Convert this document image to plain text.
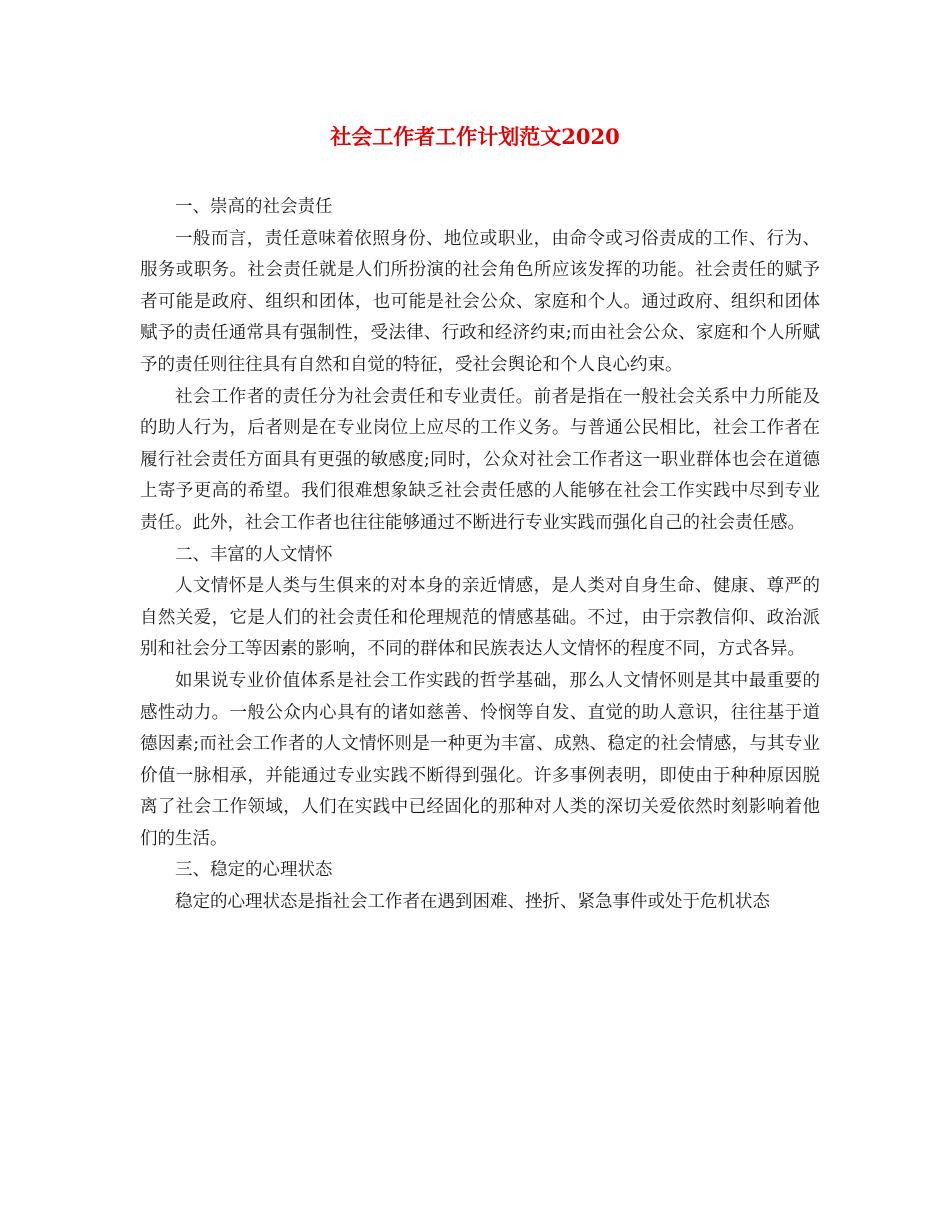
社会工作者工作计划范文2020

一、崇高的社会责任

一般而言，责任意味着依照身份、地位或职业，由命令或习俗责成的工作、行为、服务或职务。社会责任就是人们所扮演的社会角色所应该发挥的功能。社会责任的赋予者可能是政府、组织和团体，也可能是社会公众、家庭和个人。通过政府、组织和团体赋予的责任通常具有强制性，受法律、行政和经济约束;而由社会公众、家庭和个人所赋予的责任则往往具有自然和自觉的特征，受社会舆论和个人良心约束。

社会工作者的责任分为社会责任和专业责任。前者是指在一般社会关系中力所能及的助人行为，后者则是在专业岗位上应尽的工作义务。与普通公民相比，社会工作者在履行社会责任方面具有更强的敏感度;同时，公众对社会工作者这一职业群体也会在道德上寄予更高的希望。我们很难想象缺乏社会责任感的人能够在社会工作实践中尽到专业责任。此外，社会工作者也往往能够通过不断进行专业实践而强化自己的社会责任感。

二、丰富的人文情怀

人文情怀是人类与生俱来的对本身的亲近情感，是人类对自身生命、健康、尊严的自然关爱，它是人们的社会责任和伦理规范的情感基础。不过，由于宗教信仰、政治派别和社会分工等因素的影响，不同的群体和民族表达人文情怀的程度不同，方式各异。

如果说专业价值体系是社会工作实践的哲学基础，那么人文情怀则是其中最重要的感性动力。一般公众内心具有的诸如慈善、怜悯等自发、直觉的助人意识，往往基于道德因素;而社会工作者的人文情怀则是一种更为丰富、成熟、稳定的社会情感，与其专业价值一脉相承，并能通过专业实践不断得到强化。许多事例表明，即使由于种种原因脱离了社会工作领域，人们在实践中已经固化的那种对人类的深切关爱依然时刻影响着他们的生活。

三、稳定的心理状态

稳定的心理状态是指社会工作者在遇到困难、挫折、紧急事件或处于危机状态
